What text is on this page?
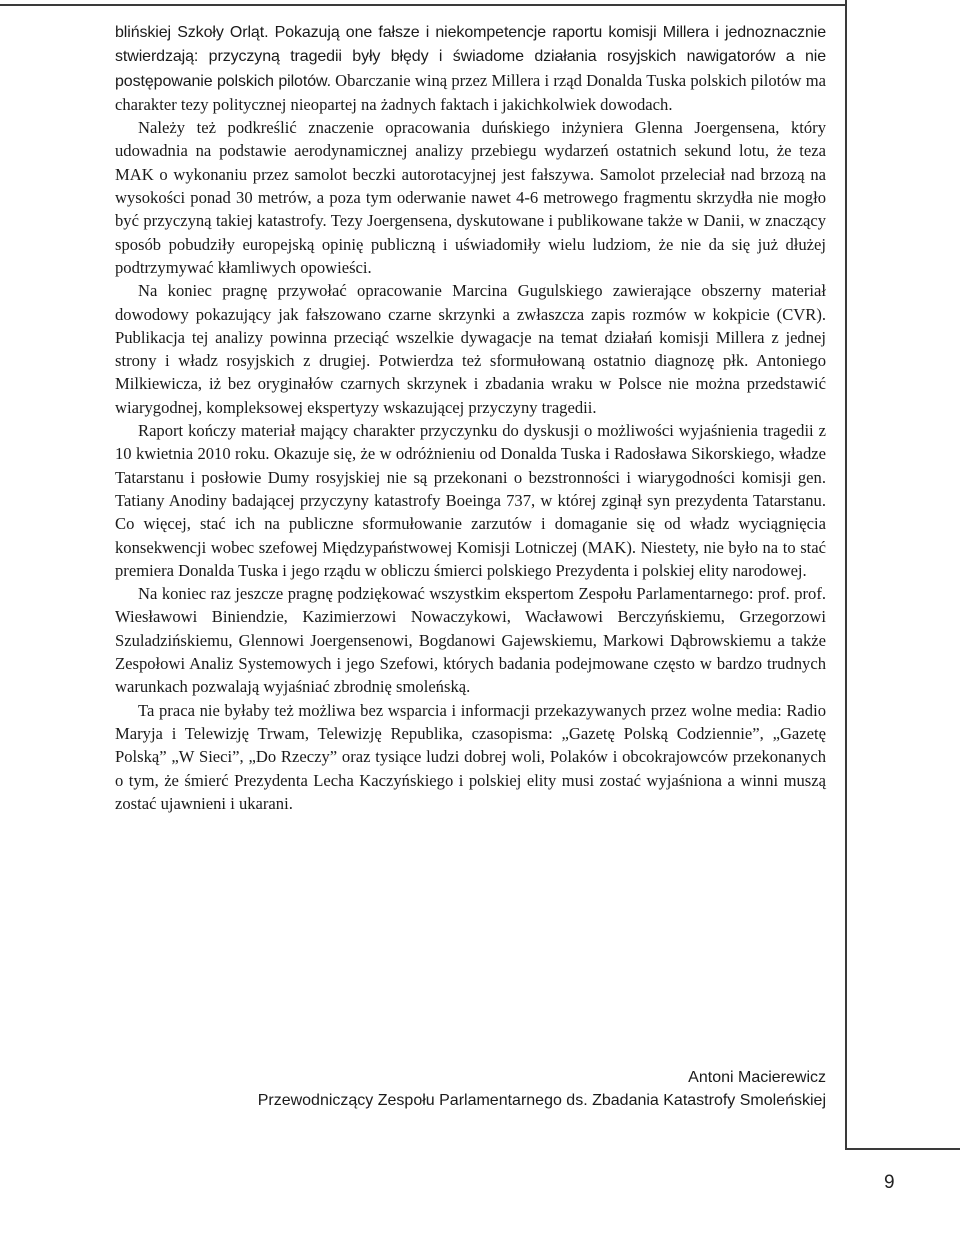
9

blińskiej Szkoły Orląt. Pokazują one fałsze i niekompetencje raportu komisji Millera i jednoznacznie stwierdzają: przyczyną tragedii były błędy i świadome działania rosyjskich nawigatorów a nie postępowanie polskich pilotów. Obarczanie winą przez Millera i rząd Donalda Tuska polskich pilotów ma charakter tezy politycznej nieopartej na żadnych faktach i jakichkolwiek dowodach.

Należy też podkreślić znaczenie opracowania duńskiego inżyniera Glenna Joergensena, który udowadnia na podstawie aerodynamicznej analizy przebiegu wydarzeń ostatnich sekund lotu, że teza MAK o wykonaniu przez samolot beczki autorotacyjnej jest fałszywa. Samolot przeleciał nad brzozą na wysokości ponad 30 metrów, a poza tym oderwanie nawet 4-6 metrowego fragmentu skrzydła nie mogło być przyczyną takiej katastrofy. Tezy Joergensena, dyskutowane i publikowane także w Danii, w znaczący sposób pobudziły europejską opinię publiczną i uświadomiły wielu ludziom, że nie da się już dłużej podtrzymywać kłamliwych opowieści.

Na koniec pragnę przywołać opracowanie Marcina Gugulskiego zawierające obszerny materiał dowodowy pokazujący jak fałszowano czarne skrzynki a zwłaszcza zapis rozmów w kokpicie (CVR). Publikacja tej analizy powinna przeciąć wszelkie dywagacje na temat działań komisji Millera z jednej strony i władz rosyjskich z drugiej. Potwierdza też sformułowaną ostatnio diagnozę płk. Antoniego Milkiewicza, iż bez oryginałów czarnych skrzynek i zbadania wraku w Polsce nie można przedstawić wiarygodnej, kompleksowej ekspertyzy wskazującej przyczyny tragedii.

Raport kończy materiał mający charakter przyczynku do dyskusji o możliwości wyjaśnienia tragedii z 10 kwietnia 2010 roku. Okazuje się, że w odróżnieniu od Donalda Tuska i Radosława Sikorskiego, władze Tatarstanu i posłowie Dumy rosyjskiej nie są przekonani o bezstronności i wiarygodności komisji gen. Tatiany Anodiny badającej przyczyny katastrofy Boeinga 737, w której zginął syn prezydenta Tatarstanu. Co więcej, stać ich na publiczne sformułowanie zarzutów i domaganie się od władz wyciągnięcia konsekwencji wobec szefowej Międzypaństwowej Komisji Lotniczej (MAK). Niestety, nie było na to stać premiera Donalda Tuska i jego rządu w obliczu śmierci polskiego Prezydenta i polskiej elity narodowej.

Na koniec raz jeszcze pragnę podziękować wszystkim ekspertom Zespołu Parlamentarnego: prof. prof. Wiesławowi Biniendzie, Kazimierzowi Nowaczykowi, Wacławowi Berczyńskiemu, Grzegorzowi Szuladzińskiemu, Glennowi Joergensenowi, Bogdanowi Gajewskiemu, Markowi Dąbrowskiemu a także Zespołowi Analiz Systemowych i jego Szefowi, których badania podejmowane często w bardzo trudnych warunkach pozwalają wyjaśniać zbrodnię smoleńską.

Ta praca nie byłaby też możliwa bez wsparcia i informacji przekazywanych przez wolne media: Radio Maryja i Telewizję Trwam, Telewizję Republika, czasopisma: „Gazetę Polską Codziennie”, „Gazetę Polską” „W Sieci”, „Do Rzeczy” oraz tysiące ludzi dobrej woli, Polaków i obcokrajowców przekonanych o tym, że śmierć Prezydenta Lecha Kaczyńskiego i polskiej elity musi zostać wyjaśniona a winni muszą zostać ujawnieni i ukarani.

Antoni Macierewicz
Przewodniczący Zespołu Parlamentarnego ds. Zbadania Katastrofy Smoleńskiej
